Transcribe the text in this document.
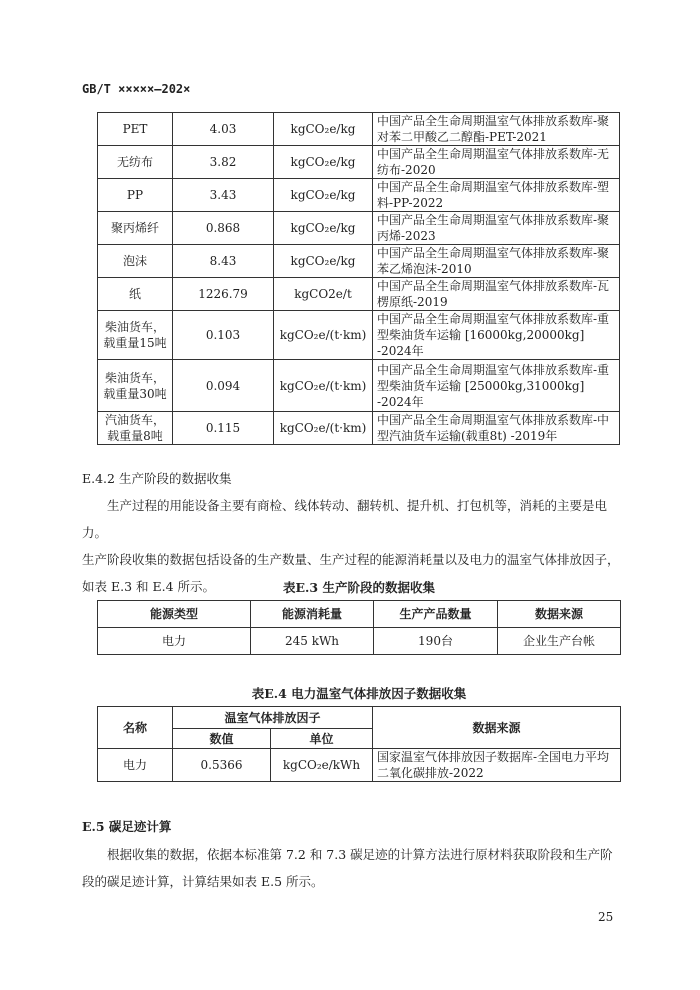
GB/T ×××××—202×
PET	4.03	kgCO₂e/kg	中国产品全生命周期温室气体排放系数库-聚对苯二甲酸乙二醇酯-PET-2021
无纺布	3.82	kgCO₂e/kg	中国产品全生命周期温室气体排放系数库-无纺布-2020
PP	3.43	kgCO₂e/kg	中国产品全生命周期温室气体排放系数库-塑料-PP-2022
聚丙烯纤	0.868	kgCO₂e/kg	中国产品全生命周期温室气体排放系数库-聚丙烯-2023
泡沫	8.43	kgCO₂e/kg	中国产品全生命周期温室气体排放系数库-聚苯乙烯泡沫-2010
纸	1226.79	kgCO2e/t	中国产品全生命周期温室气体排放系数库-瓦楞原纸-2019
柴油货车，载重量15吨	0.103	kgCO₂e/(t·km)	中国产品全生命周期温室气体排放系数库-重型柴油货车运输 [16000kg,20000kg] -2024年
柴油货车，载重量30吨	0.094	kgCO₂e/(t·km)	中国产品全生命周期温室气体排放系数库-重型柴油货车运输 [25000kg,31000kg] -2024年
汽油货车，载重量8吨	0.115	kgCO₂e/(t·km)	中国产品全生命周期温室气体排放系数库-中型汽油货车运输(载重8t) -2019年
E.4.2 生产阶段的数据收集
生产过程的用能设备主要有商检、线体转动、翻转机、提升机、打包机等，消耗的主要是电力。
生产阶段收集的数据包括设备的生产数量、生产过程的能源消耗量以及电力的温室气体排放因子，如表 E.3 和 E.4 所示。	表E.3 生产阶段的数据收集
能源类型	能源消耗量	生产产品数量	数据来源
电力	245 kWh	190台	企业生产台帐
表E.4 电力温室气体排放因子数据收集
名称	温室气体排放因子		数据来源
	数值	单位	
电力	0.5366	kgCO₂e/kWh	国家温室气体排放因子数据库-全国电力平均二氧化碳排放-2022
E.5 碳足迹计算
根据收集的数据，依据本标准第 7.2 和 7.3 碳足迹的计算方法进行原材料获取阶段和生产阶段的碳足迹计算，计算结果如表 E.5 所示。
25
